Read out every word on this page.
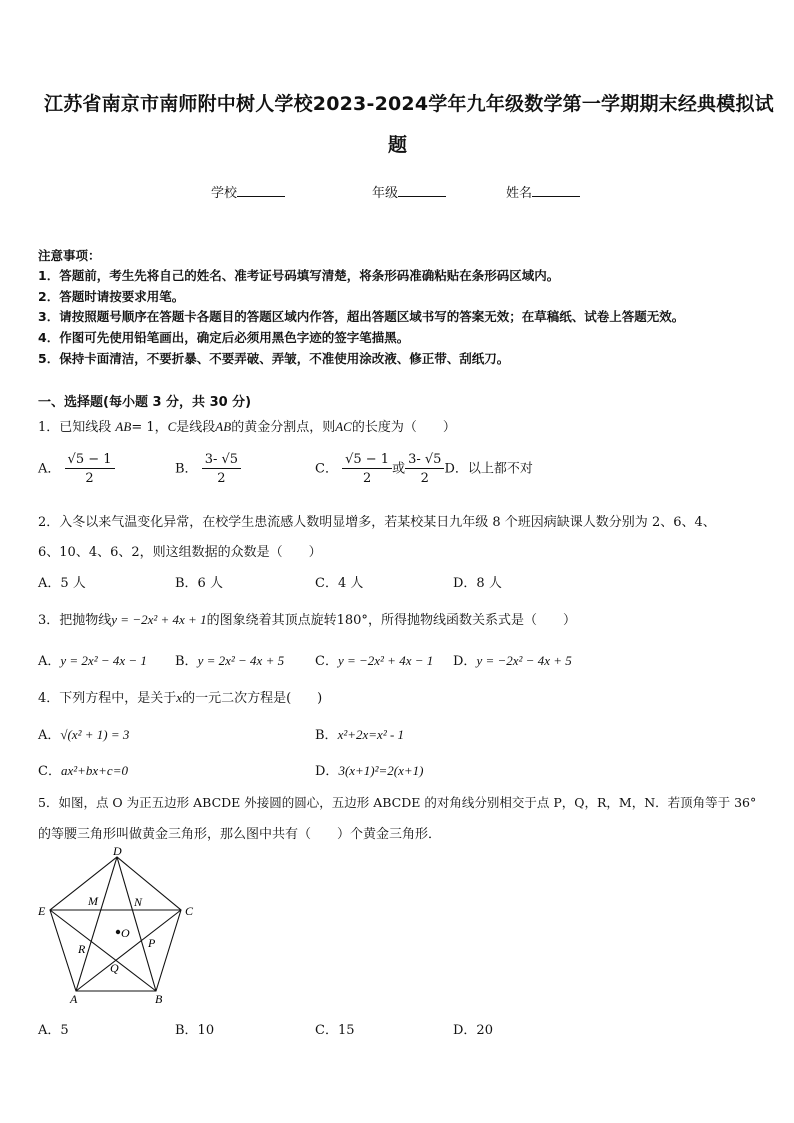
江苏省南京市南师附中树人学校2023-2024学年九年级数学第一学期期末经典模拟试
题
学校	年级	姓名
注意事项：
1．答题前，考生先将自己的姓名、准考证号码填写清楚，将条形码准确粘贴在条形码区域内。
2．答题时请按要求用笔。
3．请按照题号顺序在答题卡各题目的答题区域内作答，超出答题区域书写的答案无效；在草稿纸、试卷上答题无效。
4．作图可先使用铅笔画出，确定后必须用黑色字迹的签字笔描黑。
5．保持卡面清洁，不要折暴、不要弄破、弄皱，不准使用涂改液、修正带、刮纸刀。
一、选择题(每小题 3 分，共 30 分)
1．已知线段 AB= 1，C是线段AB的黄金分割点，则AC的长度为（　　）
A． $\frac{√5 - 1}{2}$	B． $\frac{3- √5}{2}$	C． $\frac{√5 - 1}{2}$ 或 $\frac{3- √5}{2}$ D．以上都不对
2．入冬以来气温变化异常，在校学生患流感人数明显增多，若某校某日九年级 8 个班因病缺课人数分别为 2、6、4、
6、10、4、6、2，则这组数据的众数是（　　）
A．5 人	B．6 人	C．4 人	D．8 人
3．把抛物线y = −2x² + 4x + 1的图象绕着其顶点旋转180°，所得抛物线函数关系式是（　　）
A．y = 2x² − 4x − 1 B．y = 2x² − 4x + 5 C．y = −2x² + 4x − 1 D．y = −2x² − 4x + 5
4．下列方程中，是关于x的一元二次方程是(　　)
A．√(x² + 1) = 3	B．x²+2x=x² - 1
C．ax²+bx+c=0	D．3(x+1)²=2(x+1)
5．如图，点 O 为正五边形 ABCDE 外接圆的圆心，五边形 ABCDE 的对角线分别相交于点 P，Q，R，M，N．若顶角等于 36°
的等腰三角形叫做黄金三角形，那么图中共有（　　）个黄金三角形．
A	B
C
D
E
M	N
O
P
Q
R
A．5	B．10	C．15	D．20
